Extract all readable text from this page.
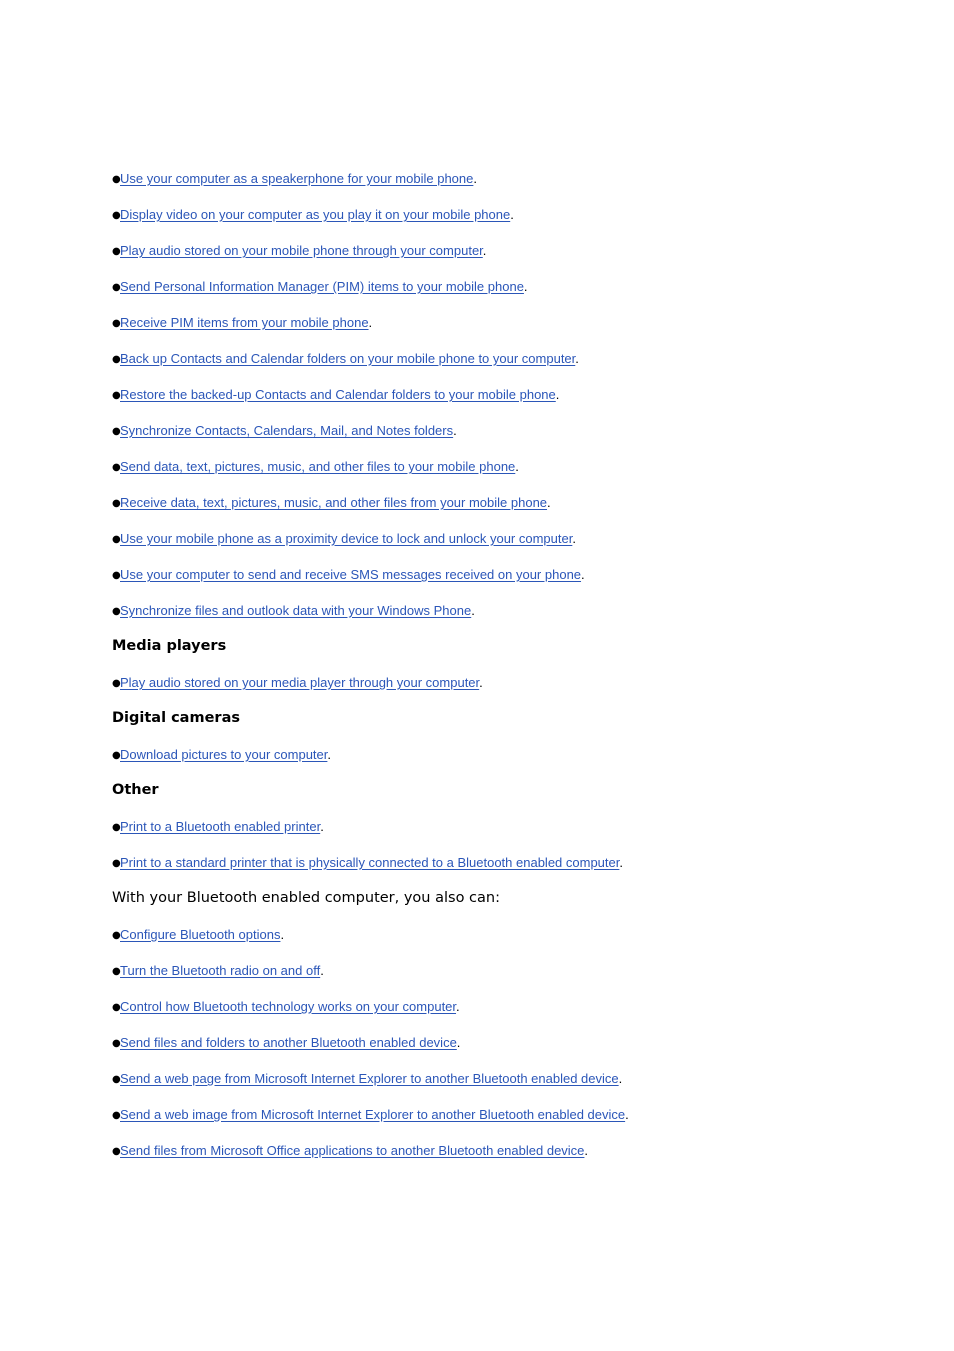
●Use your computer as a speakerphone for your mobile phone.
●Display video on your computer as you play it on your mobile phone.
●Play audio stored on your mobile phone through your computer.
●Send Personal Information Manager (PIM) items to your mobile phone.
●Receive PIM items from your mobile phone.
●Back up Contacts and Calendar folders on your mobile phone to your computer.
●Restore the backed-up Contacts and Calendar folders to your mobile phone.
●Synchronize Contacts, Calendars, Mail, and Notes folders.
●Send data, text, pictures, music, and other files to your mobile phone.
●Receive data, text, pictures, music, and other files from your mobile phone.
●Use your mobile phone as a proximity device to lock and unlock your computer.
●Use your computer to send and receive SMS messages received on your phone.
●Synchronize files and outlook data with your Windows Phone.
Media players
●Play audio stored on your media player through your computer.
Digital cameras
●Download pictures to your computer.
Other
●Print to a Bluetooth enabled printer.
●Print to a standard printer that is physically connected to a Bluetooth enabled computer.
With your Bluetooth enabled computer, you also can:
●Configure Bluetooth options.
●Turn the Bluetooth radio on and off.
●Control how Bluetooth technology works on your computer.
●Send files and folders to another Bluetooth enabled device.
●Send a web page from Microsoft Internet Explorer to another Bluetooth enabled device.
●Send a web image from Microsoft Internet Explorer to another Bluetooth enabled device.
●Send files from Microsoft Office applications to another Bluetooth enabled device.
